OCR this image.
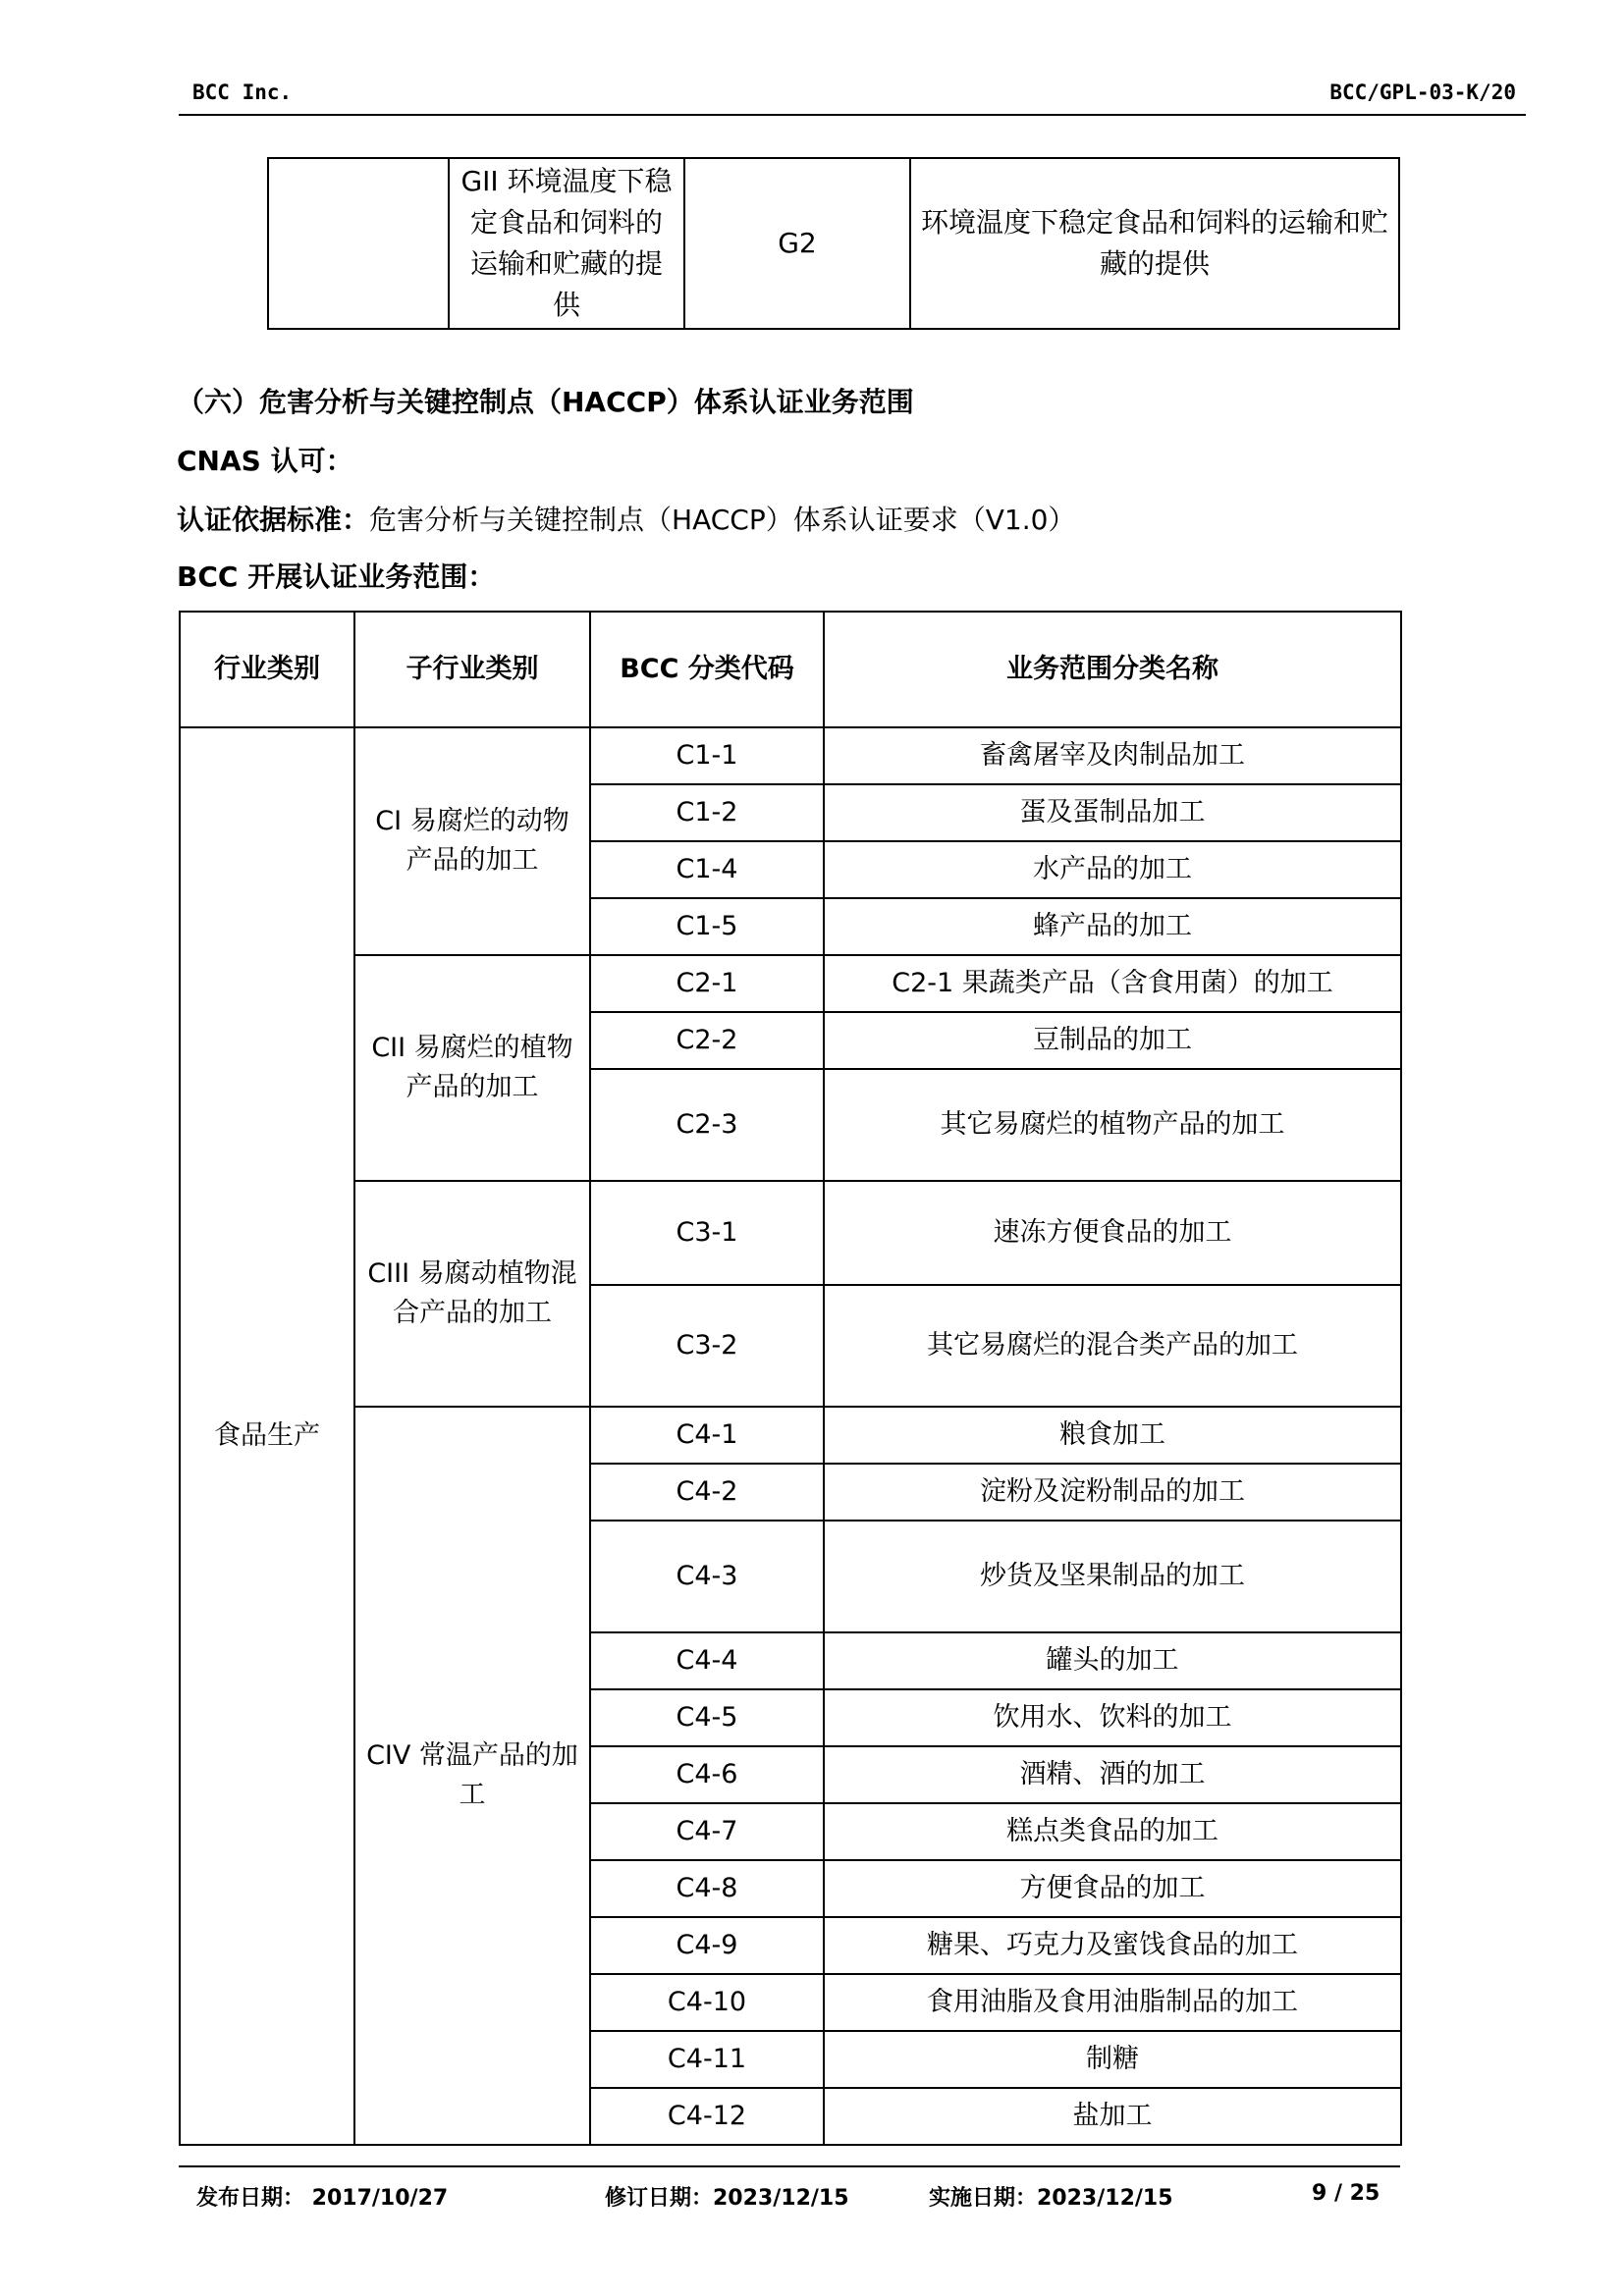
BCC Inc.	BCC/GPL-03-K/20
	GII 环境温度下稳定食品和饲料的运输和贮藏的提供	G2	环境温度下稳定食品和饲料的运输和贮藏的提供
（六）危害分析与关键控制点（HACCP）体系认证业务范围
CNAS 认可：
认证依据标准：危害分析与关键控制点（HACCP）体系认证要求（V1.0）
BCC 开展认证业务范围：
行业类别	子行业类别	BCC 分类代码	业务范围分类名称
食品生产	CI 易腐烂的动物产品的加工	C1-1	畜禽屠宰及肉制品加工
		C1-2	蛋及蛋制品加工
		C1-4	水产品的加工
		C1-5	蜂产品的加工
	CII 易腐烂的植物产品的加工	C2-1	C2-1 果蔬类产品（含食用菌）的加工
		C2-2	豆制品的加工
		C2-3	其它易腐烂的植物产品的加工
	CIII 易腐动植物混合产品的加工	C3-1	速冻方便食品的加工
		C3-2	其它易腐烂的混合类产品的加工
	CIV 常温产品的加工	C4-1	粮食加工
		C4-2	淀粉及淀粉制品的加工
		C4-3	炒货及坚果制品的加工
		C4-4	罐头的加工
		C4-5	饮用水、饮料的加工
		C4-6	酒精、酒的加工
		C4-7	糕点类食品的加工
		C4-8	方便食品的加工
		C4-9	糖果、巧克力及蜜饯食品的加工
		C4-10	食用油脂及食用油脂制品的加工
		C4-11	制糖
		C4-12	盐加工
发布日期： 2017/10/27	修订日期：2023/12/15	实施日期：2023/12/15	9 / 25
